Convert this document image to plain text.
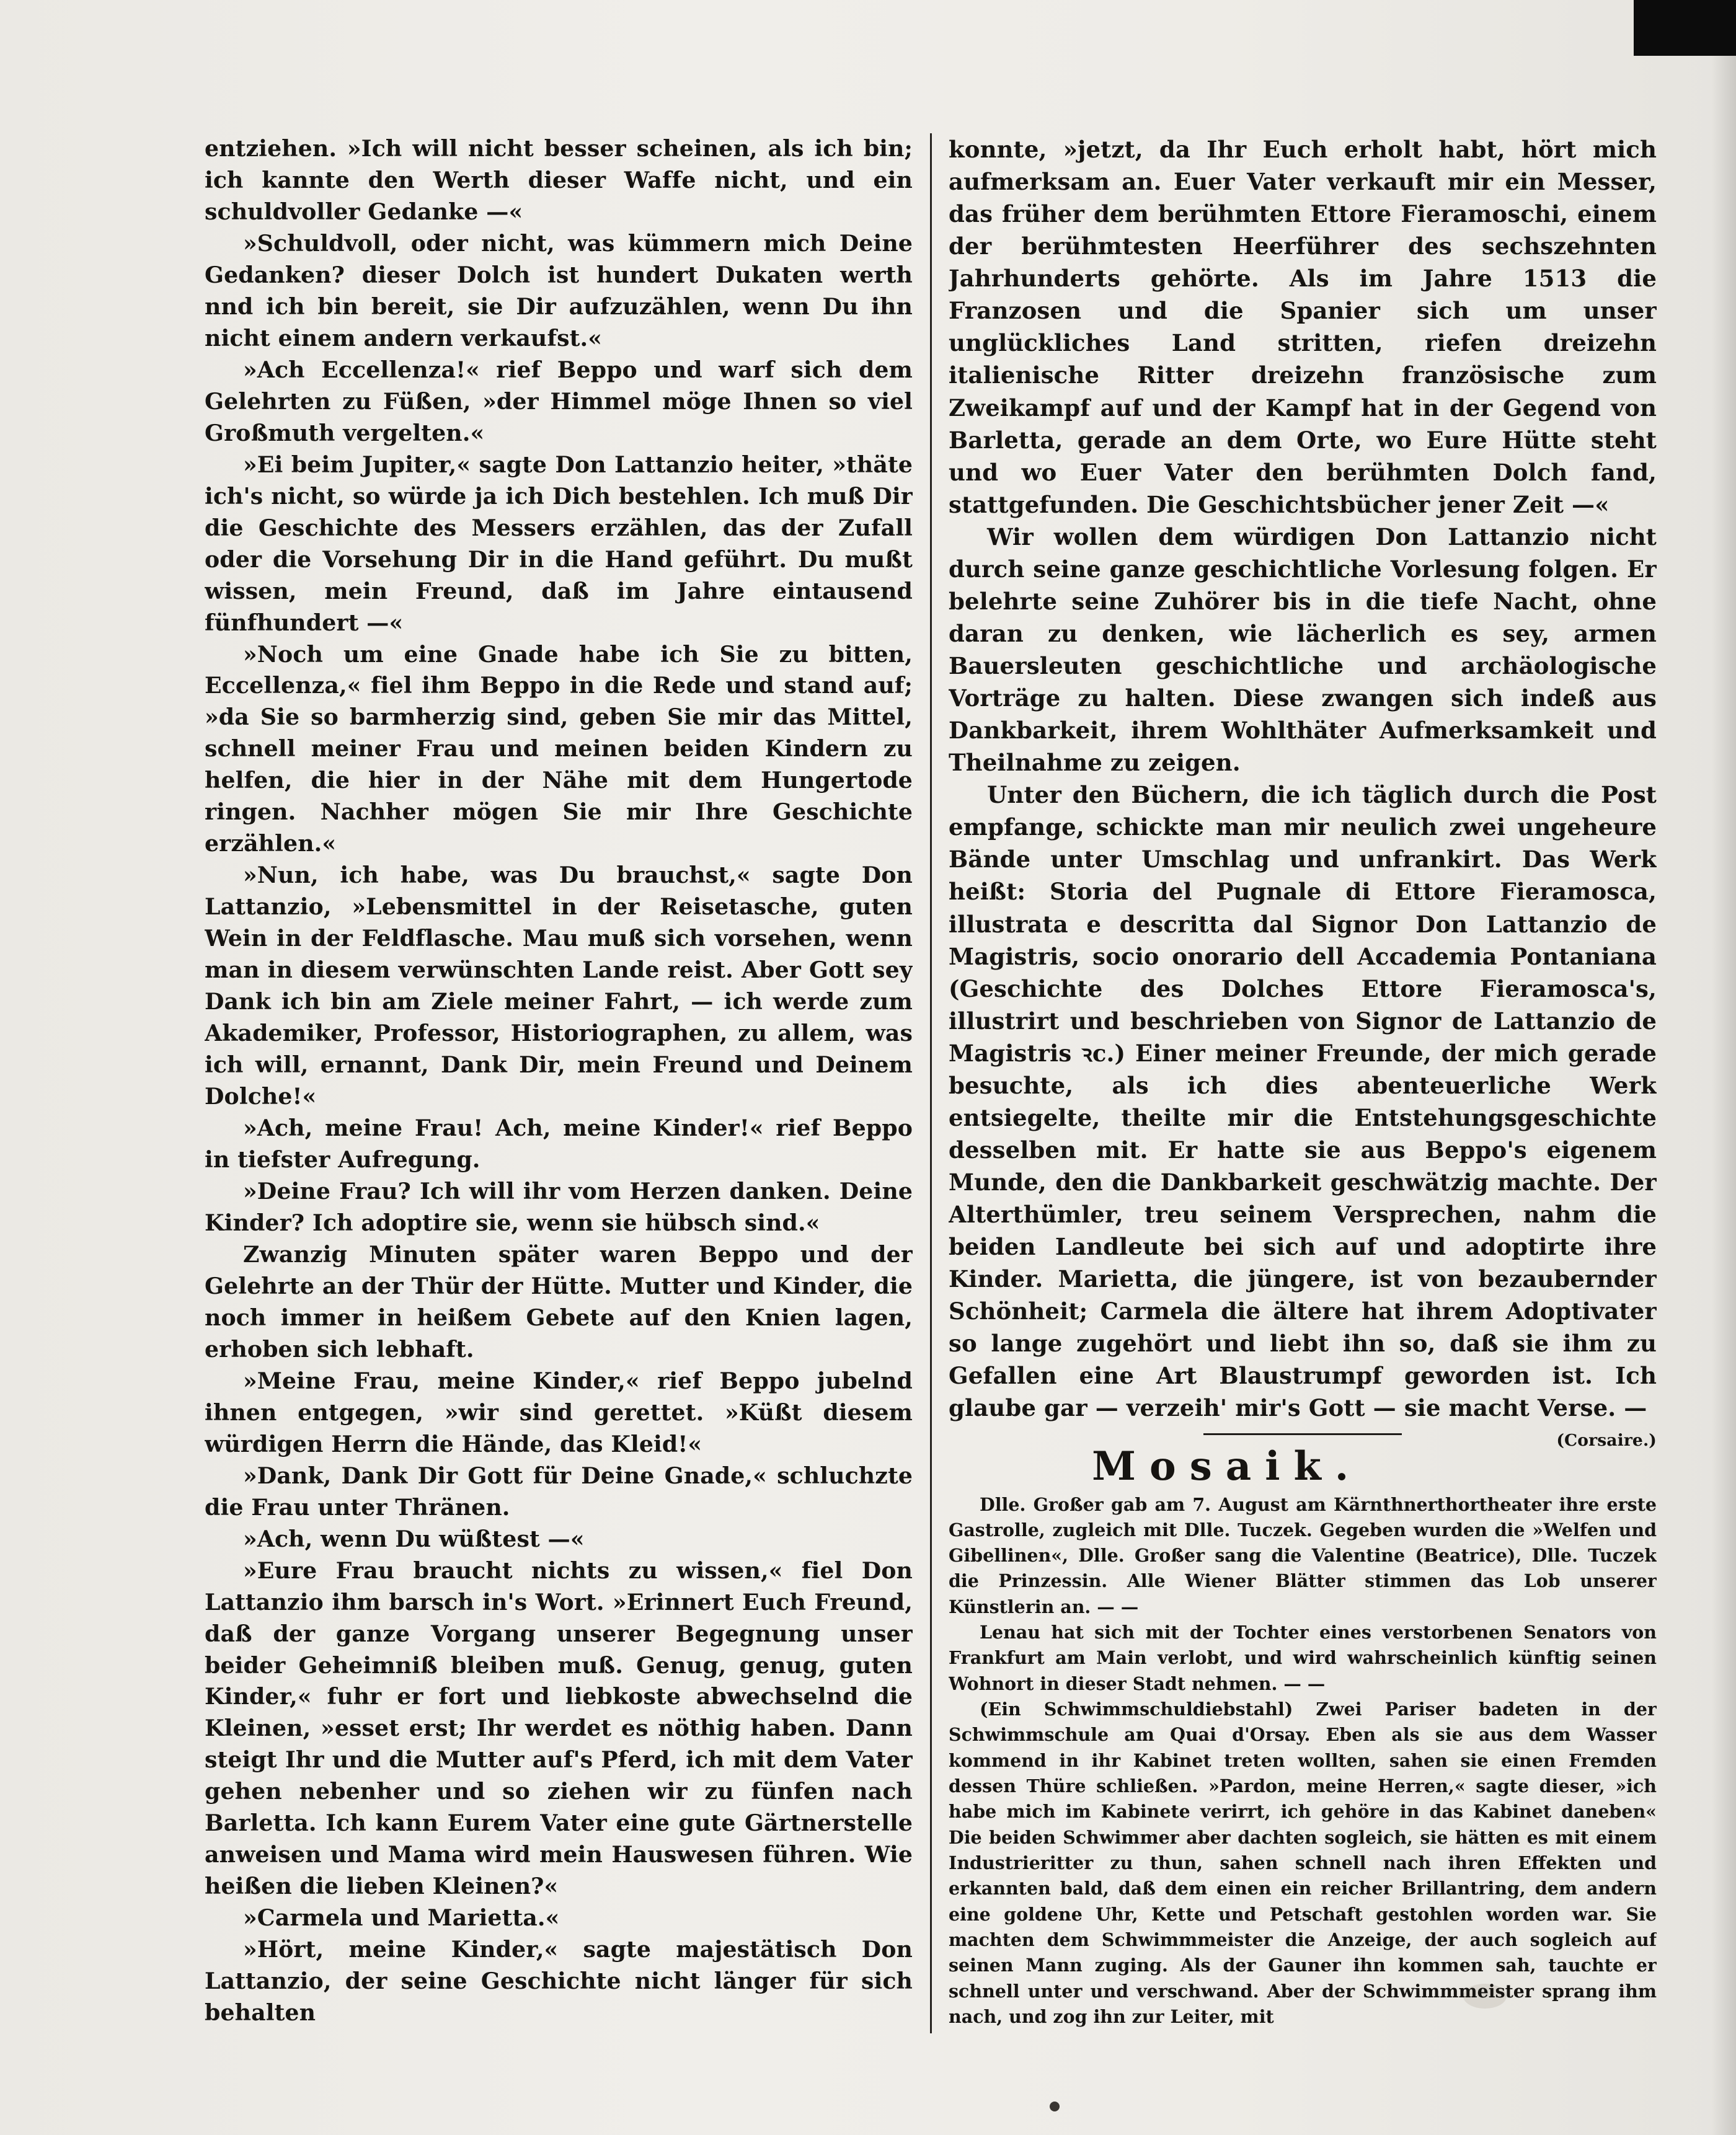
entziehen. »Ich will nicht besser scheinen, als ich bin; ich kannte den Werth dieser Waffe nicht, und ein schuldvoller Gedanke —«

»Schuldvoll, oder nicht, was kümmern mich Deine Gedanken? dieser Dolch ist hundert Dukaten werth nnd ich bin bereit, sie Dir aufzuzählen, wenn Du ihn nicht einem andern verkaufst.«

»Ach Eccellenza!« rief Beppo und warf sich dem Gelehrten zu Füßen, »der Himmel möge Ihnen so viel Großmuth vergelten.«

»Ei beim Jupiter,« sagte Don Lattanzio heiter, »thäte ich's nicht, so würde ja ich Dich bestehlen. Ich muß Dir die Geschichte des Messers erzählen, das der Zufall oder die Vorsehung Dir in die Hand geführt. Du mußt wissen, mein Freund, daß im Jahre eintausend fünfhundert —«

»Noch um eine Gnade habe ich Sie zu bitten, Eccellenza,« fiel ihm Beppo in die Rede und stand auf; »da Sie so barmherzig sind, geben Sie mir das Mittel, schnell meiner Frau und meinen beiden Kindern zu helfen, die hier in der Nähe mit dem Hungertode ringen. Nachher mögen Sie mir Ihre Geschichte erzählen.«

»Nun, ich habe, was Du brauchst,« sagte Don Lattanzio, »Lebensmittel in der Reisetasche, guten Wein in der Feldflasche. Mau muß sich vorsehen, wenn man in diesem verwünschten Lande reist. Aber Gott sey Dank ich bin am Ziele meiner Fahrt, — ich werde zum Akademiker, Professor, Historiographen, zu allem, was ich will, ernannt, Dank Dir, mein Freund und Deinem Dolche!«

»Ach, meine Frau! Ach, meine Kinder!« rief Beppo in tiefster Aufregung.

»Deine Frau? Ich will ihr vom Herzen danken. Deine Kinder? Ich adoptire sie, wenn sie hübsch sind.«

Zwanzig Minuten später waren Beppo und der Gelehrte an der Thür der Hütte. Mutter und Kinder, die noch immer in heißem Gebete auf den Knien lagen, erhoben sich lebhaft.

»Meine Frau, meine Kinder,« rief Beppo jubelnd ihnen entgegen, »wir sind gerettet. »Küßt diesem würdigen Herrn die Hände, das Kleid!«

»Dank, Dank Dir Gott für Deine Gnade,« schluchzte die Frau unter Thränen.

»Ach, wenn Du wüßtest —«

»Eure Frau braucht nichts zu wissen,« fiel Don Lattanzio ihm barsch in's Wort. »Erinnert Euch Freund, daß der ganze Vorgang unserer Begegnung unser beider Geheimniß bleiben muß. Genug, genug, guten Kinder,« fuhr er fort und liebkoste abwechselnd die Kleinen, »esset erst; Ihr werdet es nöthig haben. Dann steigt Ihr und die Mutter auf's Pferd, ich mit dem Vater gehen nebenher und so ziehen wir zu fünfen nach Barletta. Ich kann Eurem Vater eine gute Gärtnerstelle anweisen und Mama wird mein Hauswesen führen. Wie heißen die lieben Kleinen?«

»Carmela und Marietta.«

»Hört, meine Kinder,« sagte majestätisch Don Lattanzio, der seine Geschichte nicht länger für sich behalten

konnte, »jetzt, da Ihr Euch erholt habt, hört mich aufmerksam an. Euer Vater verkauft mir ein Messer, das früher dem berühmten Ettore Fieramoschi, einem der berühmtesten Heerführer des sechszehnten Jahrhunderts gehörte. Als im Jahre 1513 die Franzosen und die Spanier sich um unser unglückliches Land stritten, riefen dreizehn italienische Ritter dreizehn französische zum Zweikampf auf und der Kampf hat in der Gegend von Barletta, gerade an dem Orte, wo Eure Hütte steht und wo Euer Vater den berühmten Dolch fand, stattgefunden. Die Geschichtsbücher jener Zeit —«

Wir wollen dem würdigen Don Lattanzio nicht durch seine ganze geschichtliche Vorlesung folgen. Er belehrte seine Zuhörer bis in die tiefe Nacht, ohne daran zu denken, wie lächerlich es sey, armen Bauersleuten geschichtliche und archäologische Vorträge zu halten. Diese zwangen sich indeß aus Dankbarkeit, ihrem Wohlthäter Aufmerksamkeit und Theilnahme zu zeigen.

Unter den Büchern, die ich täglich durch die Post empfange, schickte man mir neulich zwei ungeheure Bände unter Umschlag und unfrankirt. Das Werk heißt: Storia del Pugnale di Ettore Fieramosca, illustrata e descritta dal Signor Don Lattanzio de Magistris, socio onorario dell Accademia Pontaniana (Geschichte des Dolches Ettore Fieramosca's, illustrirt und beschrieben von Signor de Lattanzio de Magistris ꝛc.) Einer meiner Freunde, der mich gerade besuchte, als ich dies abenteuerliche Werk entsiegelte, theilte mir die Entstehungsgeschichte desselben mit. Er hatte sie aus Beppo's eigenem Munde, den die Dankbarkeit geschwätzig machte. Der Alterthümler, treu seinem Versprechen, nahm die beiden Landleute bei sich auf und adoptirte ihre Kinder. Marietta, die jüngere, ist von bezaubernder Schönheit; Carmela die ältere hat ihrem Adoptivater so lange zugehört und liebt ihn so, daß sie ihm zu Gefallen eine Art Blaustrumpf geworden ist. Ich glaube gar — verzeih' mir's Gott — sie macht Verse. —
(Corsaire.)

Mosaik.

Dlle. Großer gab am 7. August am Kärnthnerthortheater ihre erste Gastrolle, zugleich mit Dlle. Tuczek. Gegeben wurden die »Welfen und Gibellinen«, Dlle. Großer sang die Valentine (Beatrice), Dlle. Tuczek die Prinzessin. Alle Wiener Blätter stimmen das Lob unserer Künstlerin an. — —

Lenau hat sich mit der Tochter eines verstorbenen Senators von Frankfurt am Main verlobt, und wird wahrscheinlich künftig seinen Wohnort in dieser Stadt nehmen. — —

(Ein Schwimmschuldiebstahl) Zwei Pariser badeten in der Schwimmschule am Quai d'Orsay. Eben als sie aus dem Wasser kommend in ihr Kabinet treten wollten, sahen sie einen Fremden dessen Thüre schließen. »Pardon, meine Herren,« sagte dieser, »ich habe mich im Kabinete verirrt, ich gehöre in das Kabinet daneben« Die beiden Schwimmer aber dachten sogleich, sie hätten es mit einem Industrieritter zu thun, sahen schnell nach ihren Effekten und erkannten bald, daß dem einen ein reicher Brillantring, dem andern eine goldene Uhr, Kette und Petschaft gestohlen worden war. Sie machten dem Schwimmmeister die Anzeige, der auch sogleich auf seinen Mann zuging. Als der Gauner ihn kommen sah, tauchte er schnell unter und verschwand. Aber der Schwimmmeister sprang ihm nach, und zog ihn zur Leiter, mit
